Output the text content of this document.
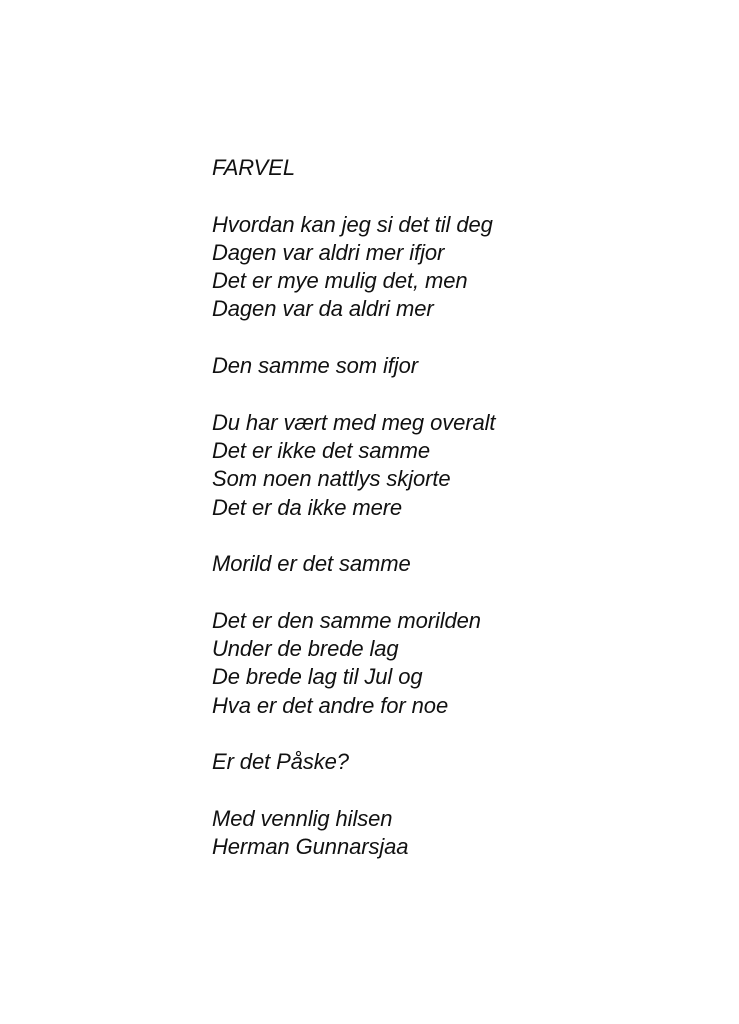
FARVEL
Hvordan kan jeg si det til deg
Dagen var aldri mer ifjor
Det er mye mulig det, men
Dagen var da aldri mer
Den samme som ifjor
Du har vært med meg overalt
Det er ikke det samme
Som noen nattlys skjorte
Det er da ikke mere
Morild er det samme
Det er den samme morilden
Under de brede lag
De brede lag til Jul og
Hva er det andre for noe
Er det Påske?
Med vennlig hilsen
Herman Gunnarsjaa
